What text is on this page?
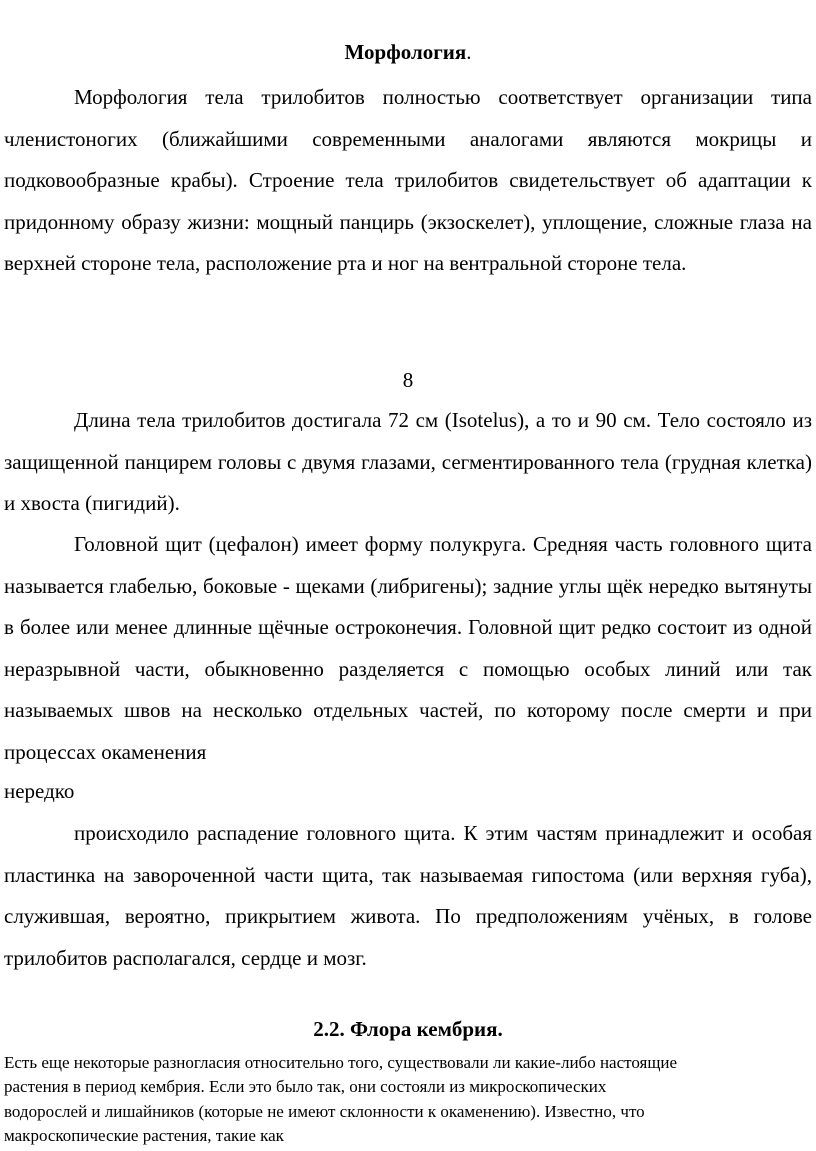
Морфология.

Морфология тела трилобитов полностью соответствует организации типа членистоногих (ближайшими современными аналогами являются мокрицы и подковообразные крабы). Строение тела трилобитов свидетельствует об адаптации к придонному образу жизни: мощный панцирь (экзоскелет), уплощение, сложные глаза на верхней стороне тела, расположение рта и ног на вентральной стороне тела.

8

Длина тела трилобитов достигала 72 см (Isotelus), а то и 90 см. Тело состояло из защищенной панцирем головы с двумя глазами, сегментированного тела (грудная клетка) и хвоста (пигидий).

Головной щит (цефалон) имеет форму полукруга. Средняя часть головного щита называется глабелью, боковые - щеками (либригены); задние углы щёк нередко вытянуты в более или менее длинные щёчные остроконечия. Головной щит редко состоит из одной неразрывной части, обыкновенно разделяется с помощью особых линий или так называемых швов на несколько отдельных частей, по которому после смерти и при процессах окаменения

нередко

происходило распадение головного щита. К этим частям принадлежит и особая пластинка на завороченной части щита, так называемая гипостома (или верхняя губа), служившая, вероятно, прикрытием живота. По предположениям учёных, в голове трилобитов располагался, сердце и мозг.

2.2. Флора кембрия.
Есть еще некоторые разногласия относительно того, существовали ли какие-либо настоящие
растения в период кембрия. Если это было так, они состояли из микроскопических
водорослей и лишайников (которые не имеют склонности к окаменению). Известно, что
макроскопические растения, такие как
